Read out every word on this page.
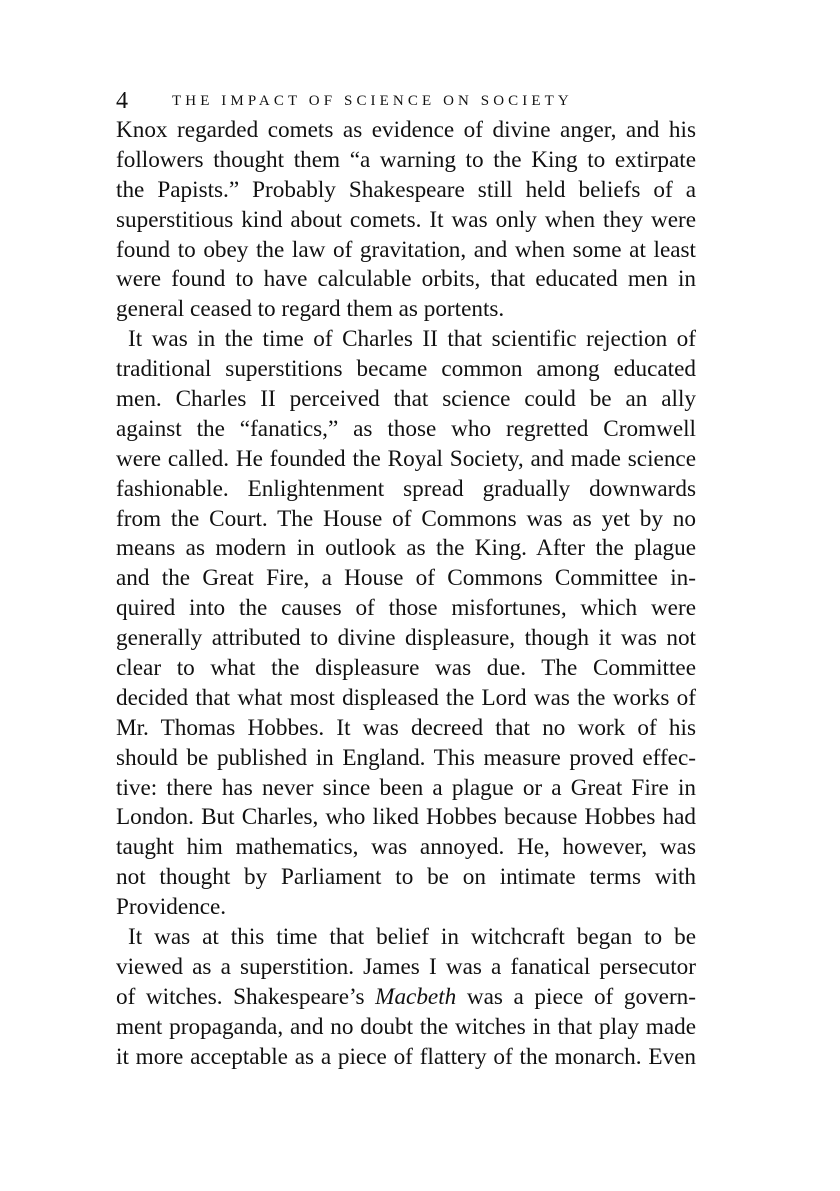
4	THE IMPACT OF SCIENCE ON SOCIETY
Knox regarded comets as evidence of divine anger, and his
followers thought them “a warning to the King to extirpate
the Papists.” Probably Shakespeare still held beliefs of a
superstitious kind about comets. It was only when they were
found to obey the law of gravitation, and when some at least
were found to have calculable orbits, that educated men in
general ceased to regard them as portents.
It was in the time of Charles II that scientific rejection of
traditional superstitions became common among educated
men. Charles II perceived that science could be an ally
against the “fanatics,” as those who regretted Cromwell
were called. He founded the Royal Society, and made science
fashionable. Enlightenment spread gradually downwards
from the Court. The House of Commons was as yet by no
means as modern in outlook as the King. After the plague
and the Great Fire, a House of Commons Committee in-
quired into the causes of those misfortunes, which were
generally attributed to divine displeasure, though it was not
clear to what the displeasure was due. The Committee
decided that what most displeased the Lord was the works of
Mr. Thomas Hobbes. It was decreed that no work of his
should be published in England. This measure proved effec-
tive: there has never since been a plague or a Great Fire in
London. But Charles, who liked Hobbes because Hobbes had
taught him mathematics, was annoyed. He, however, was
not thought by Parliament to be on intimate terms with
Providence.
It was at this time that belief in witchcraft began to be
viewed as a superstition. James I was a fanatical persecutor
of witches. Shakespeare’s Macbeth was a piece of govern-
ment propaganda, and no doubt the witches in that play made
it more acceptable as a piece of flattery of the monarch. Even
